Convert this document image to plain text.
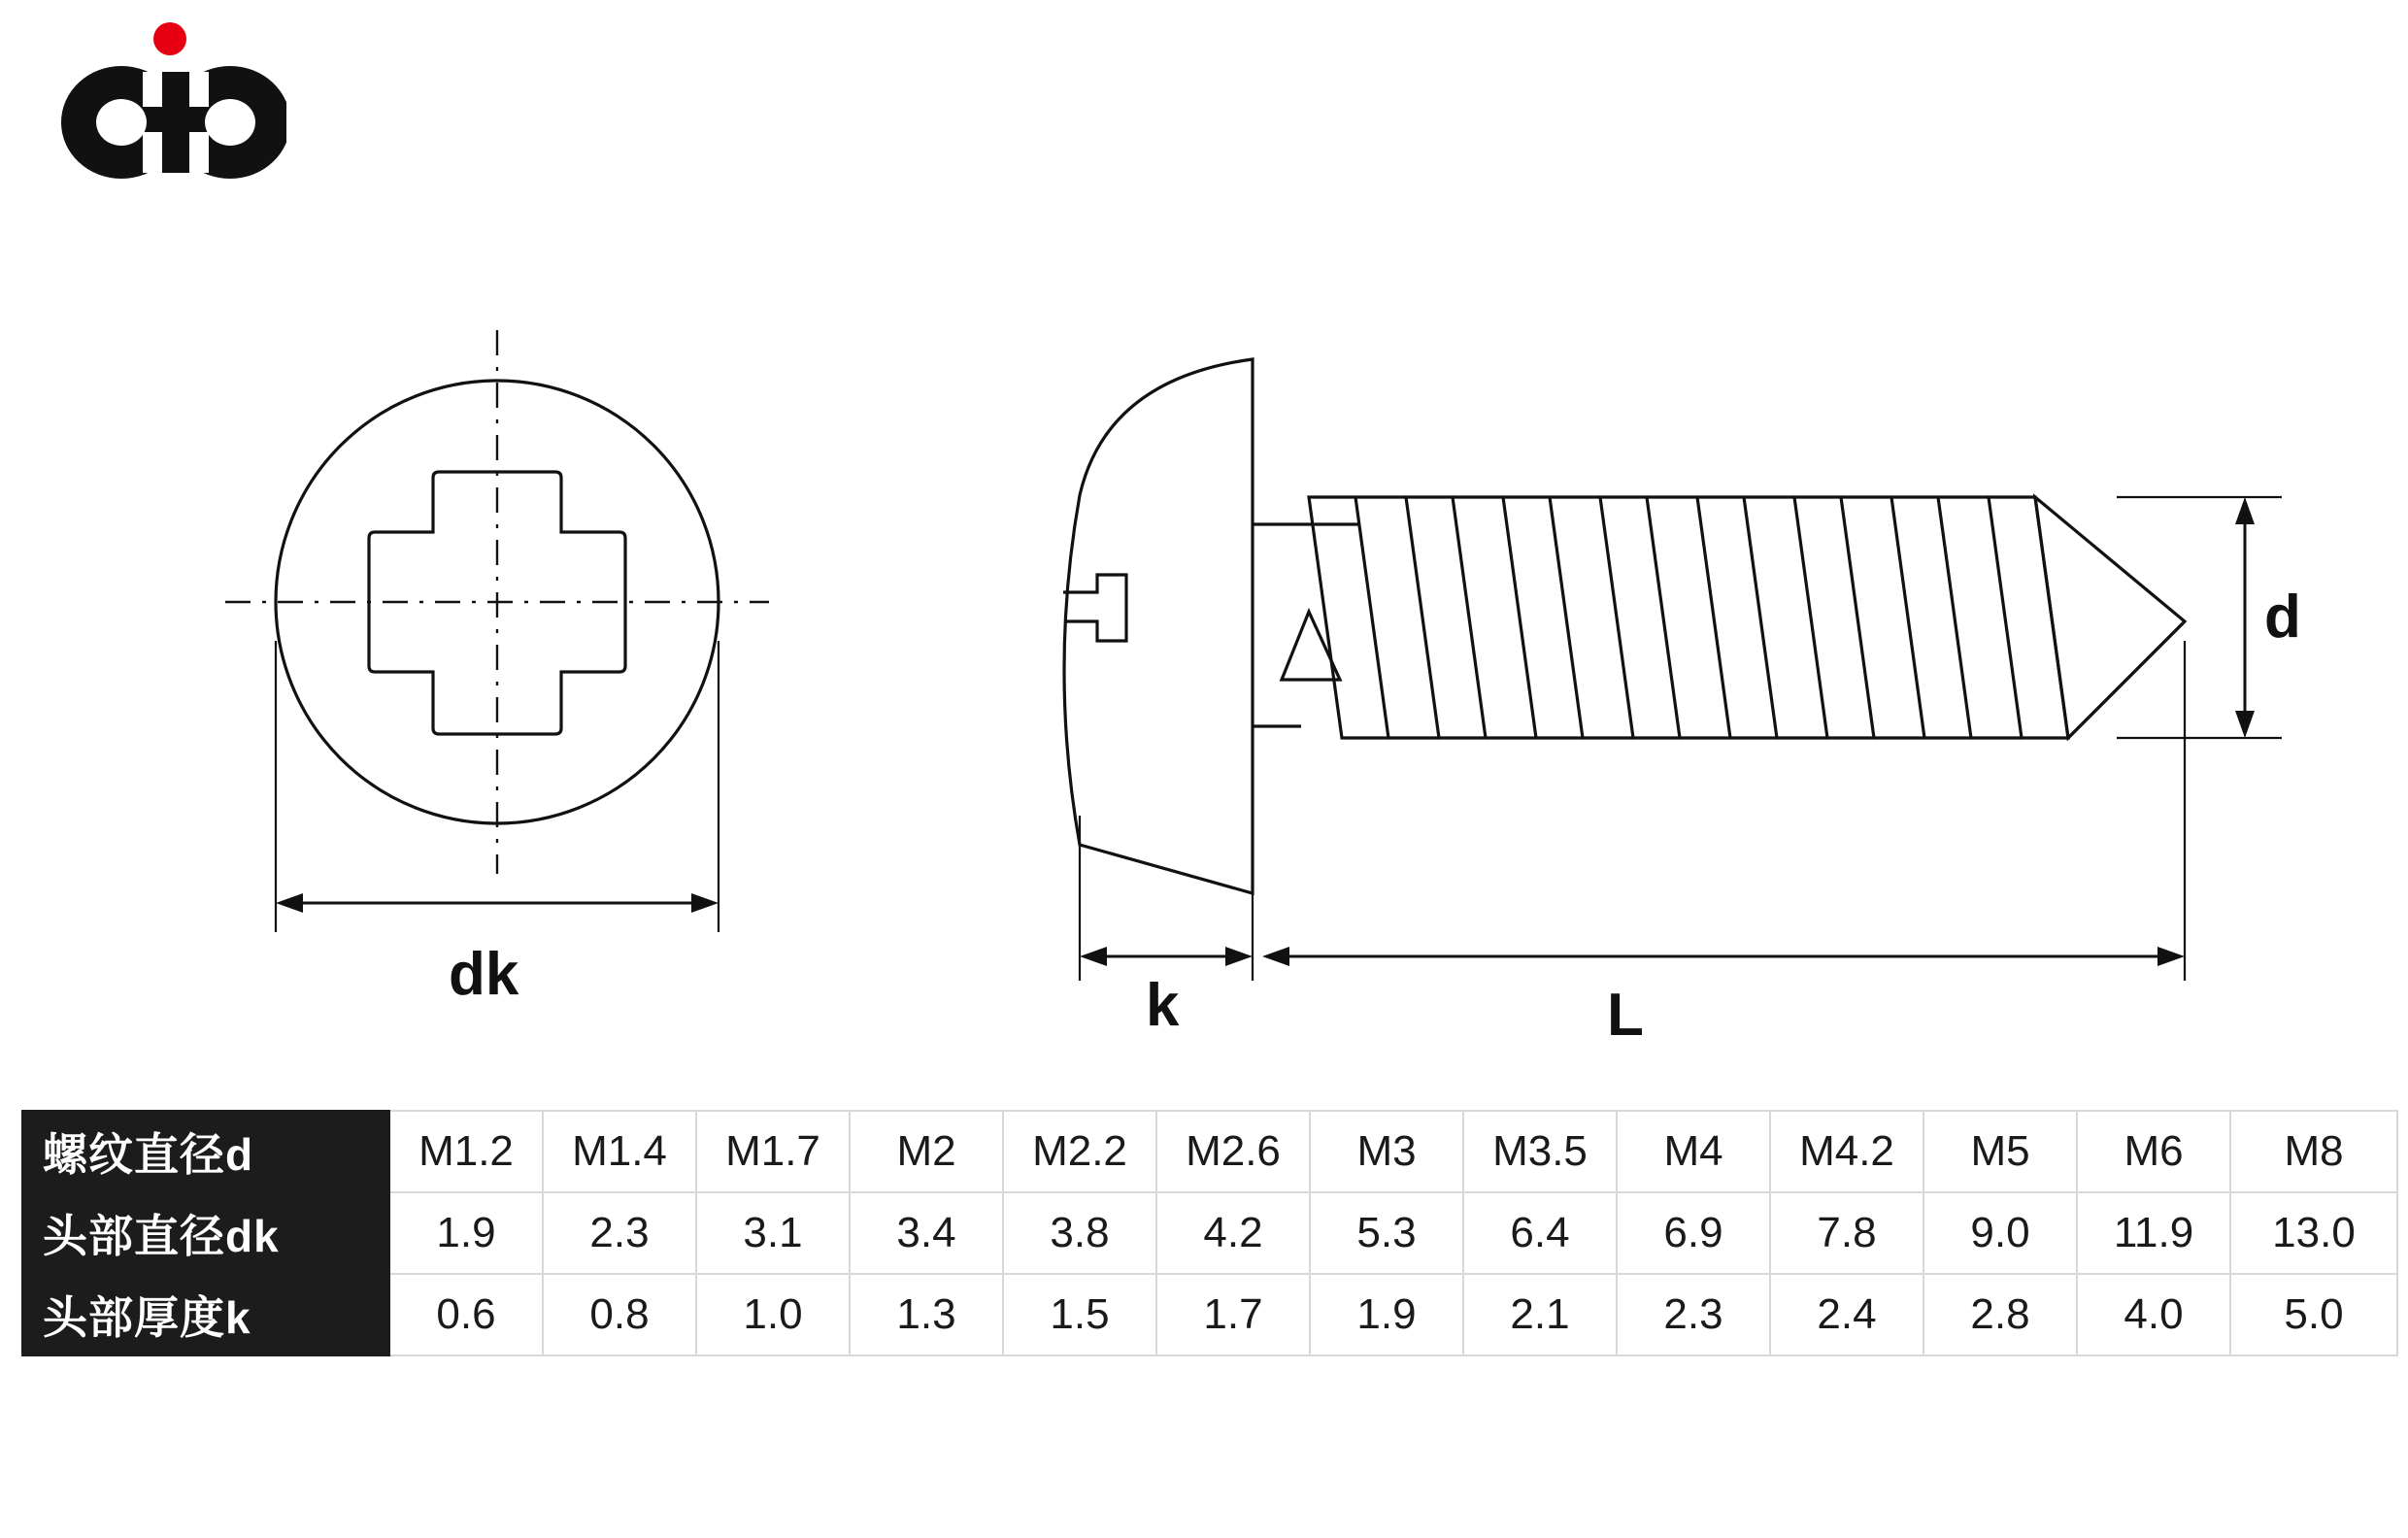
dk	k	L
d
螺纹直径d	M1.2	M1.4	M1.7	M2	M2.2	M2.6	M3	M3.5	M4	M4.2	M5	M6	M8
头部直径dk	1.9	2.3	3.1	3.4	3.8	4.2	5.3	6.4	6.9	7.8	9.0	11.9	13.0
头部厚度k	0.6	0.8	1.0	1.3	1.5	1.7	1.9	2.1	2.3	2.4	2.8	4.0	5.0
